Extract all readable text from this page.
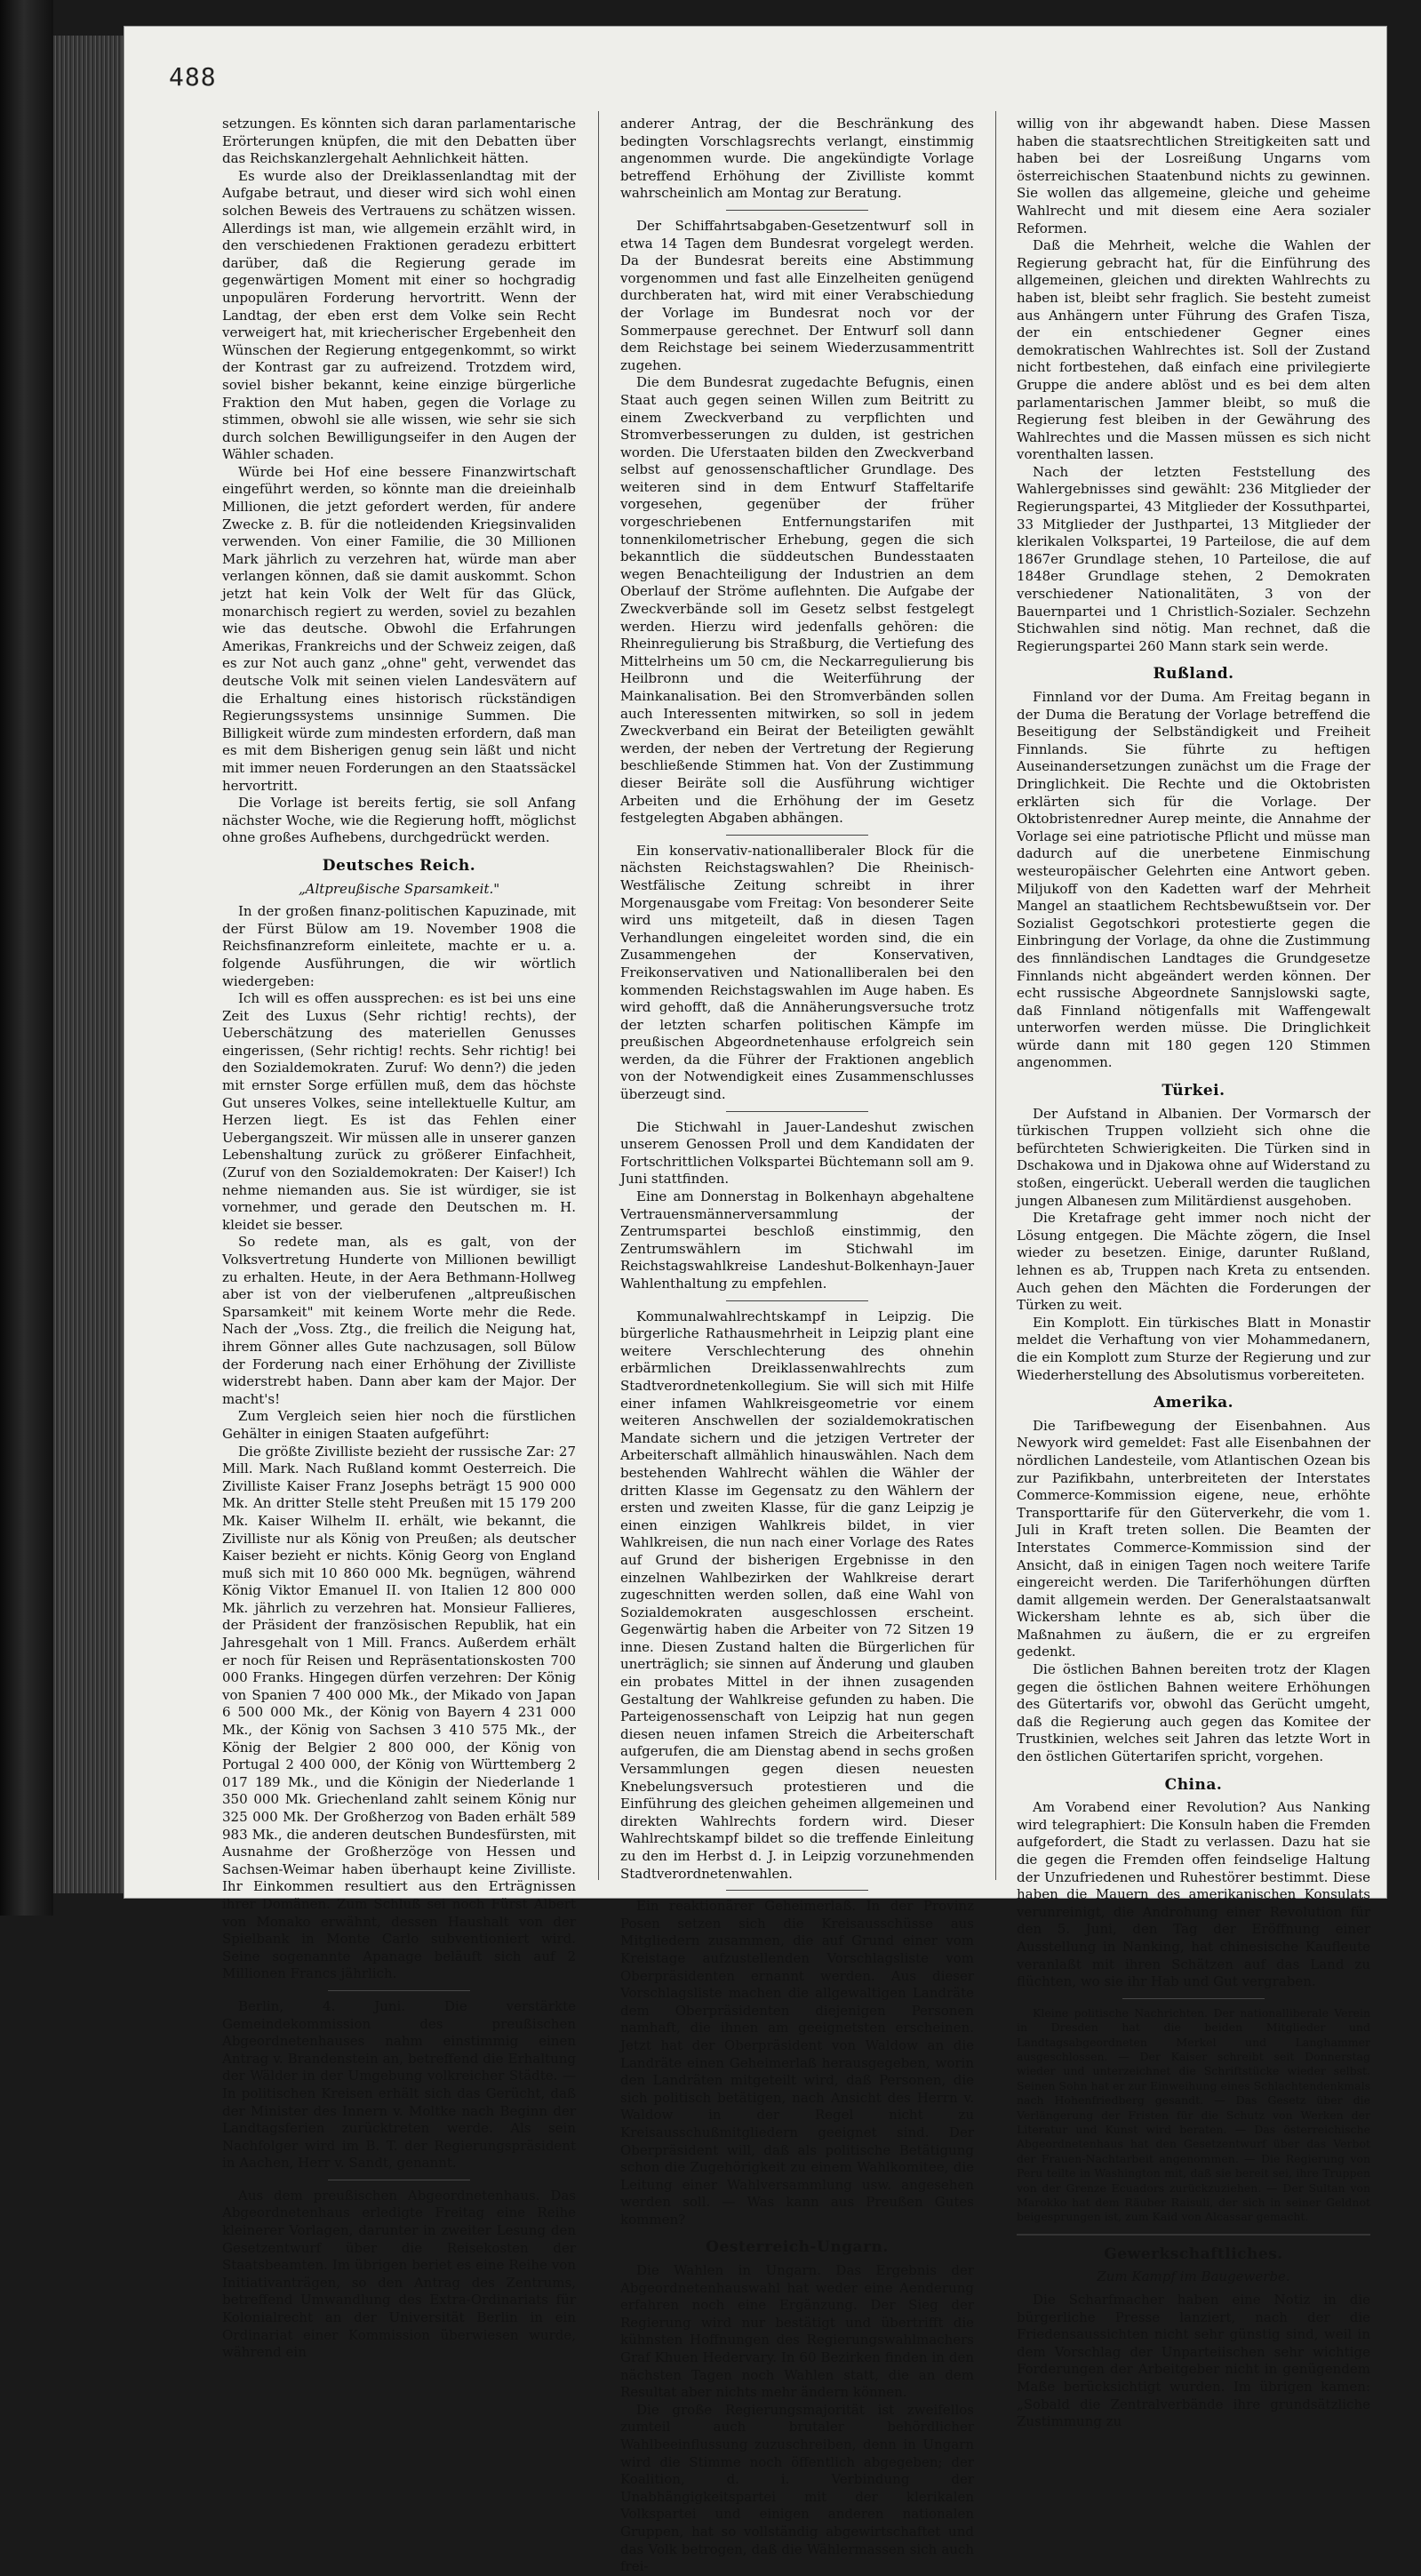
488

setzungen. Es könnten sich daran parlamentarische Erörterungen knüpfen, die mit den Debatten über das Reichskanzlergehalt Aehnlichkeit hätten.

Es wurde also der Dreiklassenlandtag mit der Aufgabe betraut, und dieser wird sich wohl einen solchen Beweis des Vertrauens zu schätzen wissen. Allerdings ist man, wie allgemein erzählt wird, in den verschiedenen Fraktionen geradezu erbittert darüber, daß die Regierung gerade im gegenwärtigen Moment mit einer so hochgradig unpopulären Forderung hervortritt. Wenn der Landtag, der eben erst dem Volke sein Recht verweigert hat, mit kriecherischer Ergebenheit den Wünschen der Regierung entgegenkommt, so wirkt der Kontrast gar zu aufreizend. Trotzdem wird, soviel bisher bekannt, keine einzige bürgerliche Fraktion den Mut haben, gegen die Vorlage zu stimmen, obwohl sie alle wissen, wie sehr sie sich durch solchen Bewilligungseifer in den Augen der Wähler schaden.

Würde bei Hof eine bessere Finanzwirtschaft eingeführt werden, so könnte man die dreieinhalb Millionen, die jetzt gefordert werden, für andere Zwecke z. B. für die notleidenden Kriegsinvaliden verwenden. Von einer Familie, die 30 Millionen Mark jährlich zu verzehren hat, würde man aber verlangen können, daß sie damit auskommt. Schon jetzt hat kein Volk der Welt für das Glück, monarchisch regiert zu werden, soviel zu bezahlen wie das deutsche. Obwohl die Erfahrungen Amerikas, Frankreichs und der Schweiz zeigen, daß es zur Not auch ganz „ohne" geht, verwendet das deutsche Volk mit seinen vielen Landesvätern auf die Erhaltung eines historisch rückständigen Regierungssystems unsinnige Summen. Die Billigkeit würde zum mindesten erfordern, daß man es mit dem Bisherigen genug sein läßt und nicht mit immer neuen Forderungen an den Staatssäckel hervortritt.

Die Vorlage ist bereits fertig, sie soll Anfang nächster Woche, wie die Regierung hofft, möglichst ohne großes Aufhebens, durchgedrückt werden.

Deutsches Reich.
„Altpreußische Sparsamkeit."

In der großen finanz-politischen Kapuzinade, mit der Fürst Bülow am 19. November 1908 die Reichsfinanzreform einleitete, machte er u. a. folgende Ausführungen, die wir wörtlich wiedergeben:

Ich will es offen aussprechen: es ist bei uns eine Zeit des Luxus (Sehr richtig! rechts), der Ueberschätzung des materiellen Genusses eingerissen, (Sehr richtig! rechts. Sehr richtig! bei den Sozialdemokraten. Zuruf: Wo denn?) die jeden mit ernster Sorge erfüllen muß, dem das höchste Gut unseres Volkes, seine intellektuelle Kultur, am Herzen liegt. Es ist das Fehlen einer Uebergangszeit. Wir müssen alle in unserer ganzen Lebenshaltung zurück zu größerer Einfachheit, (Zuruf von den Sozialdemokraten: Der Kaiser!) Ich nehme niemanden aus. Sie ist würdiger, sie ist vornehmer, und gerade den Deutschen m. H. kleidet sie besser.

So redete man, als es galt, von der Volksvertretung Hunderte von Millionen bewilligt zu erhalten. Heute, in der Aera Bethmann-Hollweg aber ist von der vielberufenen „altpreußischen Sparsamkeit" mit keinem Worte mehr die Rede. Nach der „Voss. Ztg., die freilich die Neigung hat, ihrem Gönner alles Gute nachzusagen, soll Bülow der Forderung nach einer Erhöhung der Zivilliste widerstrebt haben. Dann aber kam der Major. Der macht's!

Zum Vergleich seien hier noch die fürstlichen Gehälter in einigen Staaten aufgeführt:

Die größte Zivilliste bezieht der russische Zar: 27 Mill. Mark. Nach Rußland kommt Oesterreich. Die Zivilliste Kaiser Franz Josephs beträgt 15 900 000 Mk. An dritter Stelle steht Preußen mit 15 179 200 Mk. Kaiser Wilhelm II. erhält, wie bekannt, die Zivilliste nur als König von Preußen; als deutscher Kaiser bezieht er nichts. König Georg von England muß sich mit 10 860 000 Mk. begnügen, während König Viktor Emanuel II. von Italien 12 800 000 Mk. jährlich zu verzehren hat. Monsieur Fallieres, der Präsident der französischen Republik, hat ein Jahresgehalt von 1 Mill. Francs. Außerdem erhält er noch für Reisen und Repräsentationskosten 700 000 Franks. Hingegen dürfen verzehren: Der König von Spanien 7 400 000 Mk., der Mikado von Japan 6 500 000 Mk., der König von Bayern 4 231 000 Mk., der König von Sachsen 3 410 575 Mk., der König der Belgier 2 800 000, der König von Portugal 2 400 000, der König von Württemberg 2 017 189 Mk., und die Königin der Niederlande 1 350 000 Mk. Griechenland zahlt seinem König nur 325 000 Mk. Der Großherzog von Baden erhält 589 983 Mk., die anderen deutschen Bundesfürsten, mit Ausnahme der Großherzöge von Hessen und Sachsen-Weimar haben überhaupt keine Zivilliste. Ihr Einkommen resultiert aus den Erträgnissen ihrer Domänen. Zum Schluß sei noch Fürst Albert von Monako erwähnt, dessen Haushalt von der Spielbank in Monte Carlo subventioniert wird. Seine sogenannte Apanage beläuft sich auf 2 Millionen Francs jährlich.

Berlin, 4. Juni. Die verstärkte Gemeindekommission des preußischen Abgeordnetenhauses nahm einstimmig einen Antrag v. Brandenstein an, betreffend die Erhaltung der Wälder in der Umgebung volkreicher Städte. — In politischen Kreisen erhält sich das Gerücht, daß der Minister des Innern v. Moltke nach Beginn der Landtagsferien zurücktreten werde. Als sein Nachfolger wird im B. T. der Regierungspräsident in Aachen, Herr v. Sandt, genannt.

Aus dem preußischen Abgeordnetenhaus. Das Abgeordnetenhaus erledigte Freitag eine Reihe kleinerer Vorlagen, darunter in zweiter Lesung den Gesetzentwurf über die Reisekosten der Staatsbeamten. Im übrigen beriet es eine Reihe von Initiativanträgen, so den Antrag des Zentrums, betreffend Umwandlung des Extra-Ordinariats für Kolonialrecht an der Universität Berlin in ein Ordinariat einer Kommission überwiesen wurde, während ein

anderer Antrag, der die Beschränkung des bedingten Vorschlagsrechts verlangt, einstimmig angenommen wurde. Die angekündigte Vorlage betreffend Erhöhung der Zivilliste kommt wahrscheinlich am Montag zur Beratung.

Der Schiffahrtsabgaben-Gesetzentwurf soll in etwa 14 Tagen dem Bundesrat vorgelegt werden. Da der Bundesrat bereits eine Abstimmung vorgenommen und fast alle Einzelheiten genügend durchberaten hat, wird mit einer Verabschiedung der Vorlage im Bundesrat noch vor der Sommerpause gerechnet. Der Entwurf soll dann dem Reichstage bei seinem Wiederzusammentritt zugehen.

Die dem Bundesrat zugedachte Befugnis, einen Staat auch gegen seinen Willen zum Beitritt zu einem Zweckverband zu verpflichten und Stromverbesserungen zu dulden, ist gestrichen worden. Die Uferstaaten bilden den Zweckverband selbst auf genossenschaftlicher Grundlage. Des weiteren sind in dem Entwurf Staffeltarife vorgesehen, gegenüber der früher vorgeschriebenen Entfernungstarifen mit tonnenkilometrischer Erhebung, gegen die sich bekanntlich die süddeutschen Bundesstaaten wegen Benachteiligung der Industrien an dem Oberlauf der Ströme auflehnten. Die Aufgabe der Zweckverbände soll im Gesetz selbst festgelegt werden. Hierzu wird jedenfalls gehören: die Rheinregulierung bis Straßburg, die Vertiefung des Mittelrheins um 50 cm, die Neckarregulierung bis Heilbronn und die Weiterführung der Mainkanalisation. Bei den Stromverbänden sollen auch Interessenten mitwirken, so soll in jedem Zweckverband ein Beirat der Beteiligten gewählt werden, der neben der Vertretung der Regierung beschließende Stimmen hat. Von der Zustimmung dieser Beiräte soll die Ausführung wichtiger Arbeiten und die Erhöhung der im Gesetz festgelegten Abgaben abhängen.

Ein konservativ-nationalliberaler Block für die nächsten Reichstagswahlen? Die Rheinisch-Westfälische Zeitung schreibt in ihrer Morgenausgabe vom Freitag: Von besonderer Seite wird uns mitgeteilt, daß in diesen Tagen Verhandlungen eingeleitet worden sind, die ein Zusammengehen der Konservativen, Freikonservativen und Nationalliberalen bei den kommenden Reichstagswahlen im Auge haben. Es wird gehofft, daß die Annäherungsversuche trotz der letzten scharfen politischen Kämpfe im preußischen Abgeordnetenhause erfolgreich sein werden, da die Führer der Fraktionen angeblich von der Notwendigkeit eines Zusammenschlusses überzeugt sind.

Die Stichwahl in Jauer-Landeshut zwischen unserem Genossen Proll und dem Kandidaten der Fortschrittlichen Volkspartei Büchtemann soll am 9. Juni stattfinden.

Eine am Donnerstag in Bolkenhayn abgehaltene Vertrauensmännerversammlung der Zentrumspartei beschloß einstimmig, den Zentrumswählern im Stichwahl im Reichstagswahlkreise Landeshut-Bolkenhayn-Jauer Wahlenthaltung zu empfehlen.

Kommunalwahlrechtskampf in Leipzig. Die bürgerliche Rathausmehrheit in Leipzig plant eine weitere Verschlechterung des ohnehin erbärmlichen Dreiklassenwahlrechts zum Stadtverordnetenkollegium. Sie will sich mit Hilfe einer infamen Wahlkreisgeometrie vor einem weiteren Anschwellen der sozialdemokratischen Mandate sichern und die jetzigen Vertreter der Arbeiterschaft allmählich hinauswählen. Nach dem bestehenden Wahlrecht wählen die Wähler der dritten Klasse im Gegensatz zu den Wählern der ersten und zweiten Klasse, für die ganz Leipzig je einen einzigen Wahlkreis bildet, in vier Wahlkreisen, die nun nach einer Vorlage des Rates auf Grund der bisherigen Ergebnisse in den einzelnen Wahlbezirken der Wahlkreise derart zugeschnitten werden sollen, daß eine Wahl von Sozialdemokraten ausgeschlossen erscheint. Gegenwärtig haben die Arbeiter von 72 Sitzen 19 inne. Diesen Zustand halten die Bürgerlichen für unerträglich; sie sinnen auf Änderung und glauben ein probates Mittel in der ihnen zusagenden Gestaltung der Wahlkreise gefunden zu haben. Die Parteigenossenschaft von Leipzig hat nun gegen diesen neuen infamen Streich die Arbeiterschaft aufgerufen, die am Dienstag abend in sechs großen Versammlungen gegen diesen neuesten Knebelungsversuch protestieren und die Einführung des gleichen geheimen allgemeinen und direkten Wahlrechts fordern wird. Dieser Wahlrechtskampf bildet so die treffende Einleitung zu den im Herbst d. J. in Leipzig vorzunehmenden Stadtverordnetenwahlen.

Ein reaktionärer Geheimerlaß. In der Provinz Posen setzen sich die Kreisausschüsse aus Mitgliedern zusammen, die auf Grund einer vom Kreistage aufzustellenden Vorschlagsliste vom Oberpräsidenten ernannt werden. Aus dieser Vorschlagsliste machen die allgewaltigen Landräte dem Oberpräsidenten diejenigen Personen namhaft, die ihnen am geeignetsten erscheinen. Jetzt hat der Oberpräsident von Waldow an die Landräte einen Geheimerlaß herausgegeben, worin den Landräten mitgeteilt wird, daß Personen, die sich politisch betätigen, nach Ansicht des Herrn v. Waldow in der Regel nicht zu Kreisausschußmitgliedern geeignet sind. Der Oberpräsident will, daß als politische Betätigung schon die Zugehörigkeit zu einem Wahlkomitee, die Leitung einer Wahlversammlung usw. angesehen werden soll. — Was kann aus Preußen Gutes kommen?

Oesterreich-Ungarn.

Die Wahlen in Ungarn. Das Ergebnis der Abgeordnetenhauswahl hat weder eine Aenderung erfahren noch eine Ergänzung. Der Sieg der Regierung wird nur bestätigt und übertrifft die kühnsten Hoffnungen des Regierungswahlmachers Graf Khuen Hedervary. In 60 Bezirken finden in den nächsten Tagen noch Wahlen statt, die an dem Resultat aber nichts mehr ändern können.

Die große Regierungsmajorität ist zweifellos zumteil auch brutaler behördlicher Wahlbeeinflussung zuzuschreiben, denn in Ungarn wird die Stimme noch öffentlich abgegeben; der Koalition, d. i. Verbindung der Unabhängigkeitspartei mit der klerikalen Volkspartei und einigen anderen nationalen Gruppen, hat so vollständig abgewirtschaftet und das Volk betrogen, daß die Wählermassen sich auch frei-

willig von ihr abgewandt haben. Diese Massen haben die staatsrechtlichen Streitigkeiten satt und haben bei der Losreißung Ungarns vom österreichischen Staatenbund nichts zu gewinnen. Sie wollen das allgemeine, gleiche und geheime Wahlrecht und mit diesem eine Aera sozialer Reformen.

Daß die Mehrheit, welche die Wahlen der Regierung gebracht hat, für die Einführung des allgemeinen, gleichen und direkten Wahlrechts zu haben ist, bleibt sehr fraglich. Sie besteht zumeist aus Anhängern unter Führung des Grafen Tisza, der ein entschiedener Gegner eines demokratischen Wahlrechtes ist. Soll der Zustand nicht fortbestehen, daß einfach eine privilegierte Gruppe die andere ablöst und es bei dem alten parlamentarischen Jammer bleibt, so muß die Regierung fest bleiben in der Gewährung des Wahlrechtes und die Massen müssen es sich nicht vorenthalten lassen.

Nach der letzten Feststellung des Wahlergebnisses sind gewählt: 236 Mitglieder der Regierungspartei, 43 Mitglieder der Kossuthpartei, 33 Mitglieder der Justhpartei, 13 Mitglieder der klerikalen Volkspartei, 19 Parteilose, die auf dem 1867er Grundlage stehen, 10 Parteilose, die auf 1848er Grundlage stehen, 2 Demokraten verschiedener Nationalitäten, 3 von der Bauernpartei und 1 Christlich-Sozialer. Sechzehn Stichwahlen sind nötig. Man rechnet, daß die Regierungspartei 260 Mann stark sein werde.

Rußland.

Finnland vor der Duma. Am Freitag begann in der Duma die Beratung der Vorlage betreffend die Beseitigung der Selbständigkeit und Freiheit Finnlands. Sie führte zu heftigen Auseinandersetzungen zunächst um die Frage der Dringlichkeit. Die Rechte und die Oktobristen erklärten sich für die Vorlage. Der Oktobristenredner Aurep meinte, die Annahme der Vorlage sei eine patriotische Pflicht und müsse man dadurch auf die unerbetene Einmischung westeuropäischer Gelehrten eine Antwort geben. Miljukoff von den Kadetten warf der Mehrheit Mangel an staatlichem Rechtsbewußtsein vor. Der Sozialist Gegotschkori protestierte gegen die Einbringung der Vorlage, da ohne die Zustimmung des finnländischen Landtages die Grundgesetze Finnlands nicht abgeändert werden können. Der echt russische Abgeordnete Sannjslowski sagte, daß Finnland nötigenfalls mit Waffengewalt unterworfen werden müsse. Die Dringlichkeit würde dann mit 180 gegen 120 Stimmen angenommen.

Türkei.

Der Aufstand in Albanien. Der Vormarsch der türkischen Truppen vollzieht sich ohne die befürchteten Schwierigkeiten. Die Türken sind in Dschakowa und in Djakowa ohne auf Widerstand zu stoßen, eingerückt. Ueberall werden die tauglichen jungen Albanesen zum Militärdienst ausgehoben.

Die Kretafrage geht immer noch nicht der Lösung entgegen. Die Mächte zögern, die Insel wieder zu besetzen. Einige, darunter Rußland, lehnen es ab, Truppen nach Kreta zu entsenden. Auch gehen den Mächten die Forderungen der Türken zu weit.

Ein Komplott. Ein türkisches Blatt in Monastir meldet die Verhaftung von vier Mohammedanern, die ein Komplott zum Sturze der Regierung und zur Wiederherstellung des Absolutismus vorbereiteten.

Amerika.

Die Tarifbewegung der Eisenbahnen. Aus Newyork wird gemeldet: Fast alle Eisenbahnen der nördlichen Landesteile, vom Atlantischen Ozean bis zur Pazifikbahn, unterbreiteten der Interstates Commerce-Kommission eigene, neue, erhöhte Transporttarife für den Güterverkehr, die vom 1. Juli in Kraft treten sollen. Die Beamten der Interstates Commerce-Kommission sind der Ansicht, daß in einigen Tagen noch weitere Tarife eingereicht werden. Die Tariferhöhungen dürften damit allgemein werden. Der Generalstaatsanwalt Wickersham lehnte es ab, sich über die Maßnahmen zu äußern, die er zu ergreifen gedenkt.

Die östlichen Bahnen bereiten trotz der Klagen gegen die östlichen Bahnen weitere Erhöhungen des Gütertarifs vor, obwohl das Gerücht umgeht, daß die Regierung auch gegen das Komitee der Trustkinien, welches seit Jahren das letzte Wort in den östlichen Gütertarifen spricht, vorgehen.

China.

Am Vorabend einer Revolution? Aus Nanking wird telegraphiert: Die Konsuln haben die Fremden aufgefordert, die Stadt zu verlassen. Dazu hat sie die gegen die Fremden offen feindselige Haltung der Unzufriedenen und Ruhestörer bestimmt. Diese haben die Mauern des amerikanischen Konsulats verunreinigt, die Androhung einer Revolution für den 5. Juni, den Tag der Eröffnung einer Ausstellung in Nanking, hat chinesische Kaufleute veranlaßt mit ihren Schätzen auf das Land zu flüchten, wo sie ihr Hab und Gut vergraben.

Kleine politische Nachrichten. Der nationalliberale Verein in Dresden hat die beiden Mitglieder und Landtagsabgeordneten Merkel und Langhammer ausgeschlossen. — Der Kaiser schreibt seit Donnerstag wieder und unterzeichnet die Schriftstücke wieder selbst. Seinen Sohn hat er zur Einweihung eines Schlachtendenkmals nach Hohenfriedberg gesandt. — Das Gesetz über die Verlängerung der Fristen für die Schutz von Werken der Literatur und Kunst wird beraten. — Das österreichische Abgeordnetenhaus hat den Gesetzentwurf über das Verbot der Frauen-Nachtarbeit angenommen. — Die Regierung von Peru teilte in Washington mit, daß sie bereit sei, ihre Truppen von der Grenze Ecuadors zurückzuziehen. — Der Sultan von Marokko hat dem Räuber Raisuli, der sich in seiner Geldnot beigesprungen ist, zum Kaid von Alcassar gemacht.

Gewerkschaftliches.
Zum Kampf im Baugewerbe.

Die Scharfmacher haben eine Notiz in die bürgerliche Presse lanziert, nach der die Friedensaussichten nicht sehr günstig sind, weil in dem Vorschlag der Unparteiischen sehr wichtige Forderungen der Arbeitgeber nicht in genügendem Maße berücksichtigt wurden. Im übrigen kamen: „Sobald die Zentralverbände ihre grundsätzliche Zustimmung zu
